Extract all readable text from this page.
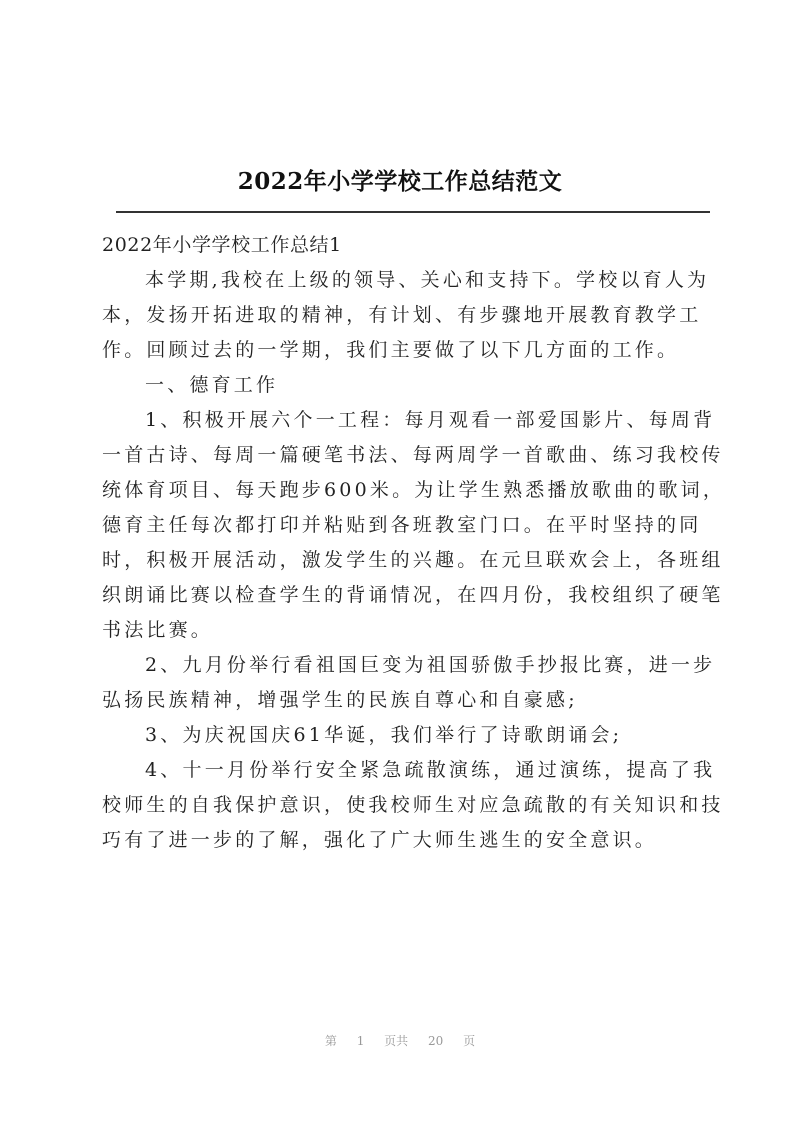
2022年小学学校工作总结范文
2022年小学学校工作总结1
本学期,我校在上级的领导、关心和支持下。学校以育人为
本，发扬开拓进取的精神，有计划、有步骤地开展教育教学工
作。回顾过去的一学期，我们主要做了以下几方面的工作。
一、德育工作
1、积极开展六个一工程：每月观看一部爱国影片、每周背
一首古诗、每周一篇硬笔书法、每两周学一首歌曲、练习我校传
统体育项目、每天跑步600米。为让学生熟悉播放歌曲的歌词，
德育主任每次都打印并粘贴到各班教室门口。在平时坚持的同
时，积极开展活动，激发学生的兴趣。在元旦联欢会上，各班组
织朗诵比赛以检查学生的背诵情况，在四月份，我校组织了硬笔
书法比赛。
2、九月份举行看祖国巨变为祖国骄傲手抄报比赛，进一步
弘扬民族精神，增强学生的民族自尊心和自豪感;
3、为庆祝国庆61华诞，我们举行了诗歌朗诵会;
4、十一月份举行安全紧急疏散演练，通过演练，提高了我
校师生的自我保护意识，使我校师生对应急疏散的有关知识和技
巧有了进一步的了解，强化了广大师生逃生的安全意识。
第 1 页共 20 页
